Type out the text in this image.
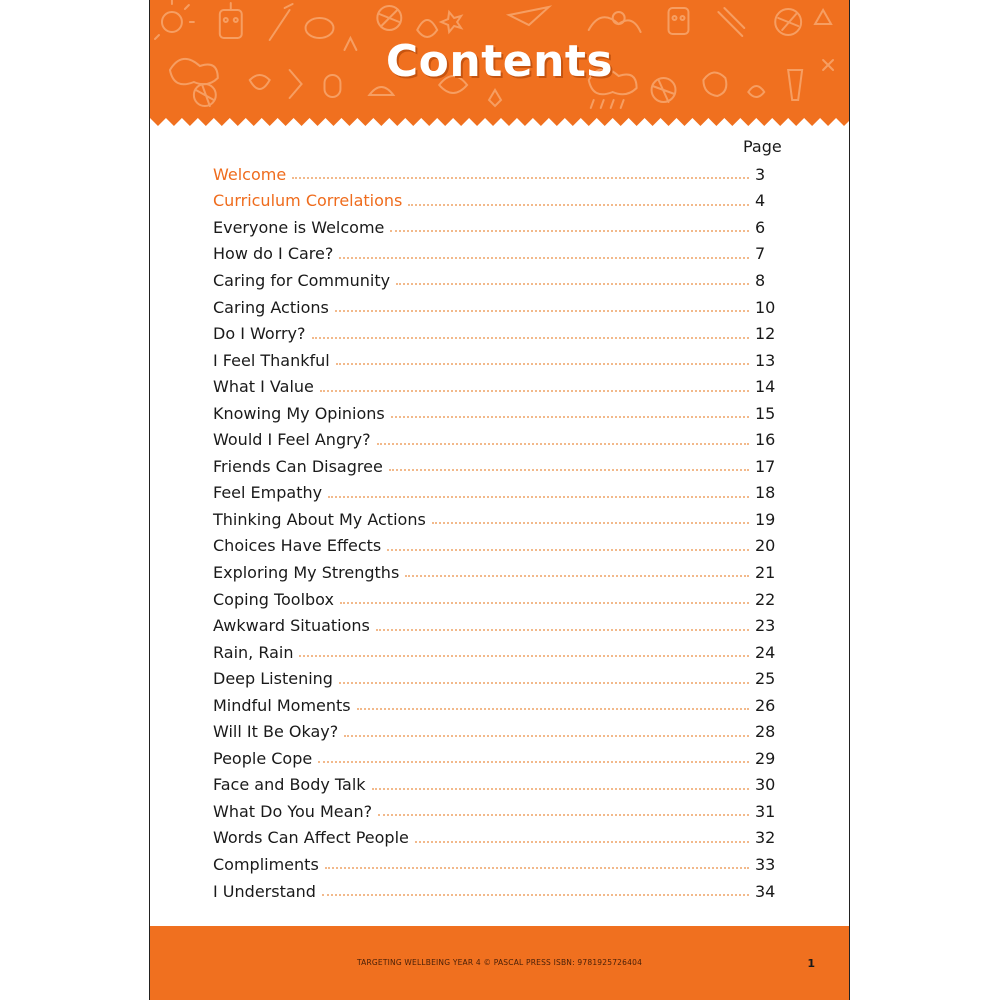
Contents
Page
Welcome	3
Curriculum Correlations	4
Everyone is Welcome	6
How do I Care?	7
Caring for Community	8
Caring Actions	10
Do I Worry?	12
I Feel Thankful	13
What I Value	14
Knowing My Opinions	15
Would I Feel Angry?	16
Friends Can Disagree	17
Feel Empathy	18
Thinking About My Actions	19
Choices Have Effects	20
Exploring My Strengths	21
Coping Toolbox	22
Awkward Situations	23
Rain, Rain	24
Deep Listening	25
Mindful Moments	26
Will It Be Okay?	28
People Cope	29
Face and Body Talk	30
What Do You Mean?	31
Words Can Affect People	32
Compliments	33
I Understand	34
TARGETING WELLBEING YEAR 4 © PASCAL PRESS ISBN: 9781925726404	1
